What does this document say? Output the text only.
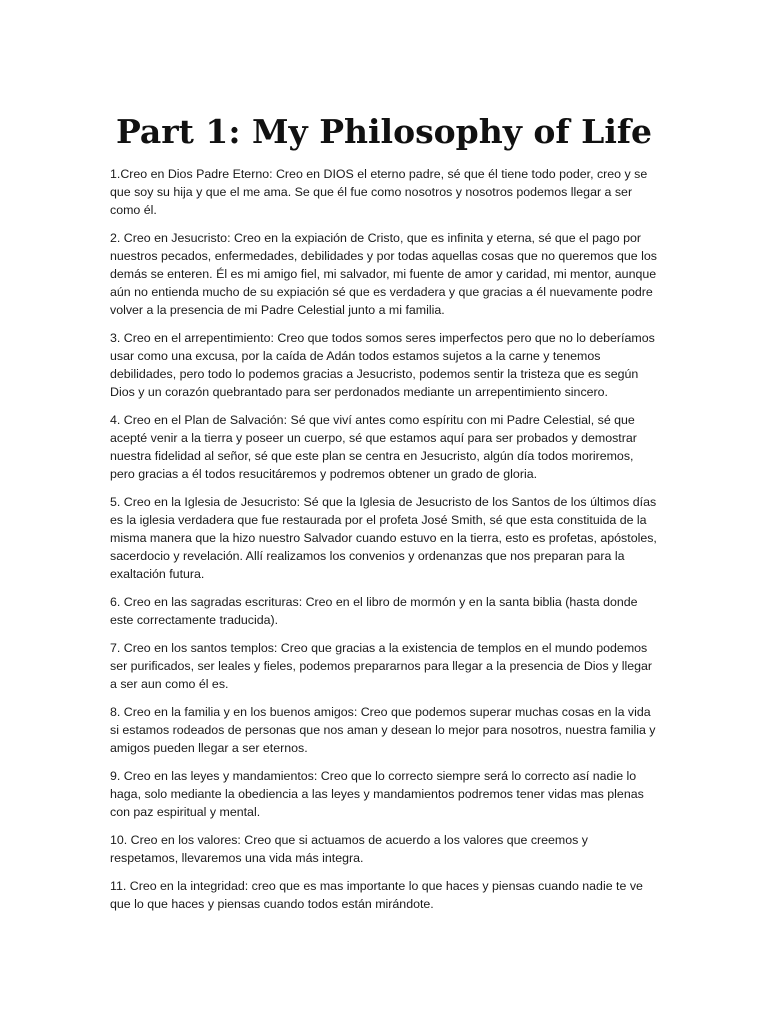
Part 1: My Philosophy of Life

1.Creo en Dios Padre Eterno: Creo en DIOS el eterno padre, sé que él tiene todo poder, creo y se que soy su hija y que el me ama. Se que él fue como nosotros y nosotros podemos llegar a ser como él.

2. Creo en Jesucristo: Creo en la expiación de Cristo, que es infinita y eterna, sé que el pago por nuestros pecados, enfermedades, debilidades y por todas aquellas cosas que no queremos que los demás se enteren. Él es mi amigo fiel, mi salvador, mi fuente de amor y caridad, mi mentor, aunque aún no entienda mucho de su expiación sé que es verdadera y que gracias a él nuevamente podre volver a la presencia de mi Padre Celestial junto a mi familia.

3. Creo en el arrepentimiento: Creo que todos somos seres imperfectos pero que no lo deberíamos usar como una excusa, por la caída de Adán todos estamos sujetos a la carne y tenemos debilidades, pero todo lo podemos gracias a Jesucristo, podemos sentir la tristeza que es según Dios y un corazón quebrantado para ser perdonados mediante un arrepentimiento sincero.

4. Creo en el Plan de Salvación: Sé que viví antes como espíritu con mi Padre Celestial, sé que acepté venir a la tierra y poseer un cuerpo, sé que estamos aquí para ser probados y demostrar nuestra fidelidad al señor, sé que este plan se centra en Jesucristo, algún día todos moriremos, pero gracias a él todos resucitáremos y podremos obtener un grado de gloria.

5. Creo en la Iglesia de Jesucristo: Sé que la Iglesia de Jesucristo de los Santos de los últimos días es la iglesia verdadera que fue restaurada por el profeta José Smith, sé que esta constituida de la misma manera que la hizo nuestro Salvador cuando estuvo en la tierra, esto es profetas, apóstoles, sacerdocio y revelación. Allí realizamos los convenios y ordenanzas que nos preparan para la exaltación futura.

6. Creo en las sagradas escrituras: Creo en el libro de mormón y en la santa biblia (hasta donde este correctamente traducida).

7. Creo en los santos templos: Creo que gracias a la existencia de templos en el mundo podemos ser purificados, ser leales y fieles, podemos prepararnos para llegar a la presencia de Dios y llegar a ser aun como él es.

8. Creo en la familia y en los buenos amigos: Creo que podemos superar muchas cosas en la vida si estamos rodeados de personas que nos aman y desean lo mejor para nosotros, nuestra familia y amigos pueden llegar a ser eternos.

9. Creo en las leyes y mandamientos: Creo que lo correcto siempre será lo correcto así nadie lo haga, solo mediante la obediencia a las leyes y mandamientos podremos tener vidas mas plenas con paz espiritual y mental.

10. Creo en los valores: Creo que si actuamos de acuerdo a los valores que creemos y respetamos, llevaremos una vida más integra.

11. Creo en la integridad: creo que es mas importante lo que haces y piensas cuando nadie te ve que lo que haces y piensas cuando todos están mirándote.
